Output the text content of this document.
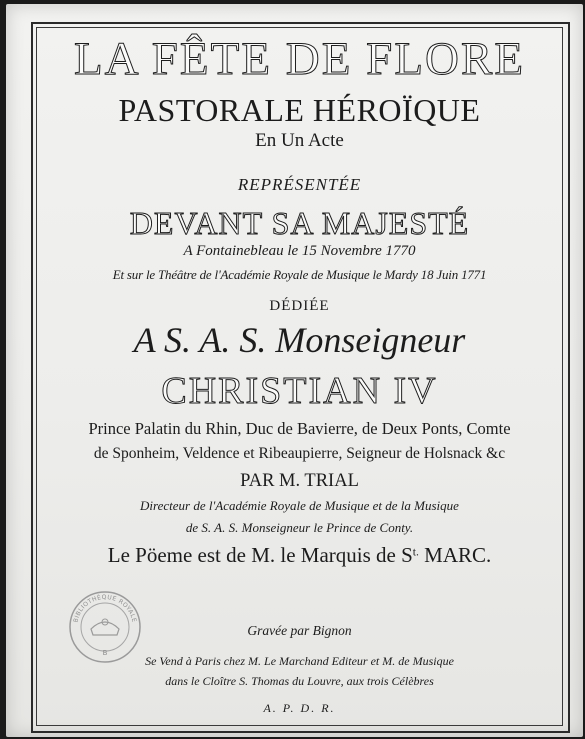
LA FÊTE DE FLORE
PASTORALE HÉROÏQUE
En Un Acte
REPRÉSENTÉE
DEVANT SA MAJESTÉ
A Fontainebleau le 15 Novembre 1770
Et sur le Théâtre de l'Académie Royale de Musique le Mardy 18 Juin 1771
DÉDIÉE
A S. A. S. Monseigneur
CHRISTIAN IV
Prince Palatin du Rhin, Duc de Bavierre, de Deux Ponts, Comte
de Sponheim, Veldence et Ribeaupierre, Seigneur de Holsnack &c
PAR M. TRIAL
Directeur de l'Académie Royale de Musique et de la Musique
de S. A. S. Monseigneur le Prince de Conty.
Le Pöeme est de M. le Marquis de $S^{t.}$ MARC.
BIBLIOTHÈQUE ROYALE
B
Gravée par Bignon
Se Vend à Paris chez M. Le Marchand Editeur et M. de Musique
dans le Cloître S. Thomas du Louvre, aux trois Célèbres
A. P. D. R.
